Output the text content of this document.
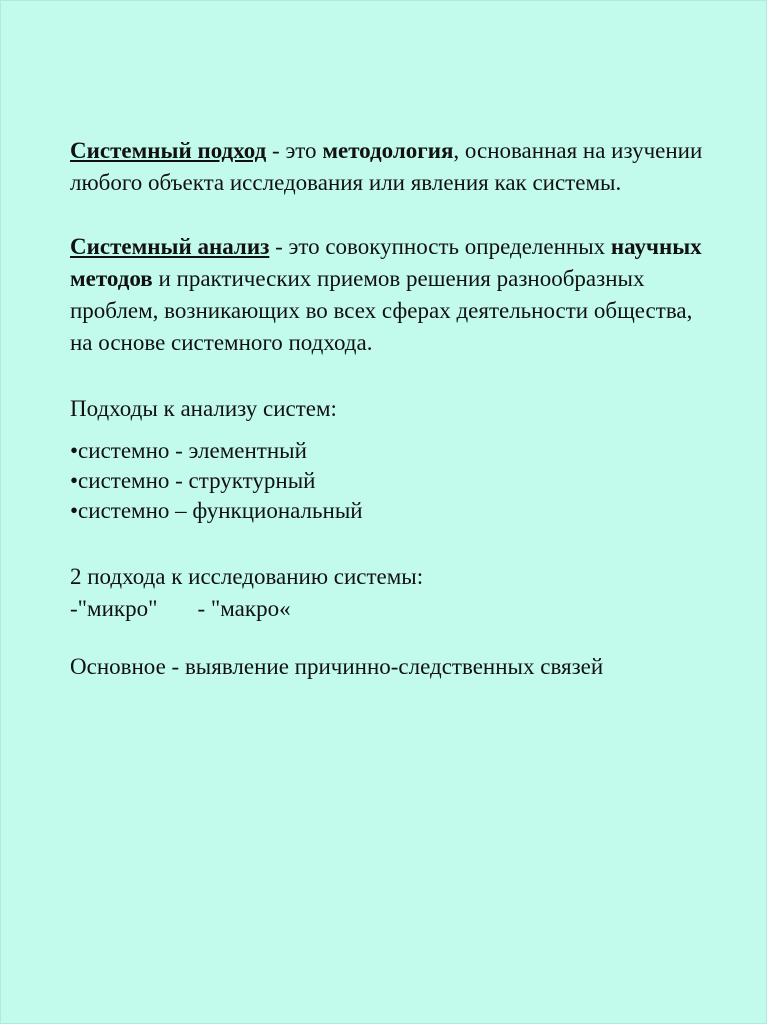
Системный подход - это методология, основанная на изучении любого объекта исследования или явления как системы.

Системный анализ - это совокупность определенных научных методов и практических приемов решения разнообразных проблем, возникающих во всех сферах деятельности общества, на основе системного подхода.

Подходы к анализу систем:

•системно - элементный
•системно - структурный
•системно – функциональный

2 подхода к исследованию системы:
-"микро" - "макро«

Основное - выявление причинно-следственных связей
